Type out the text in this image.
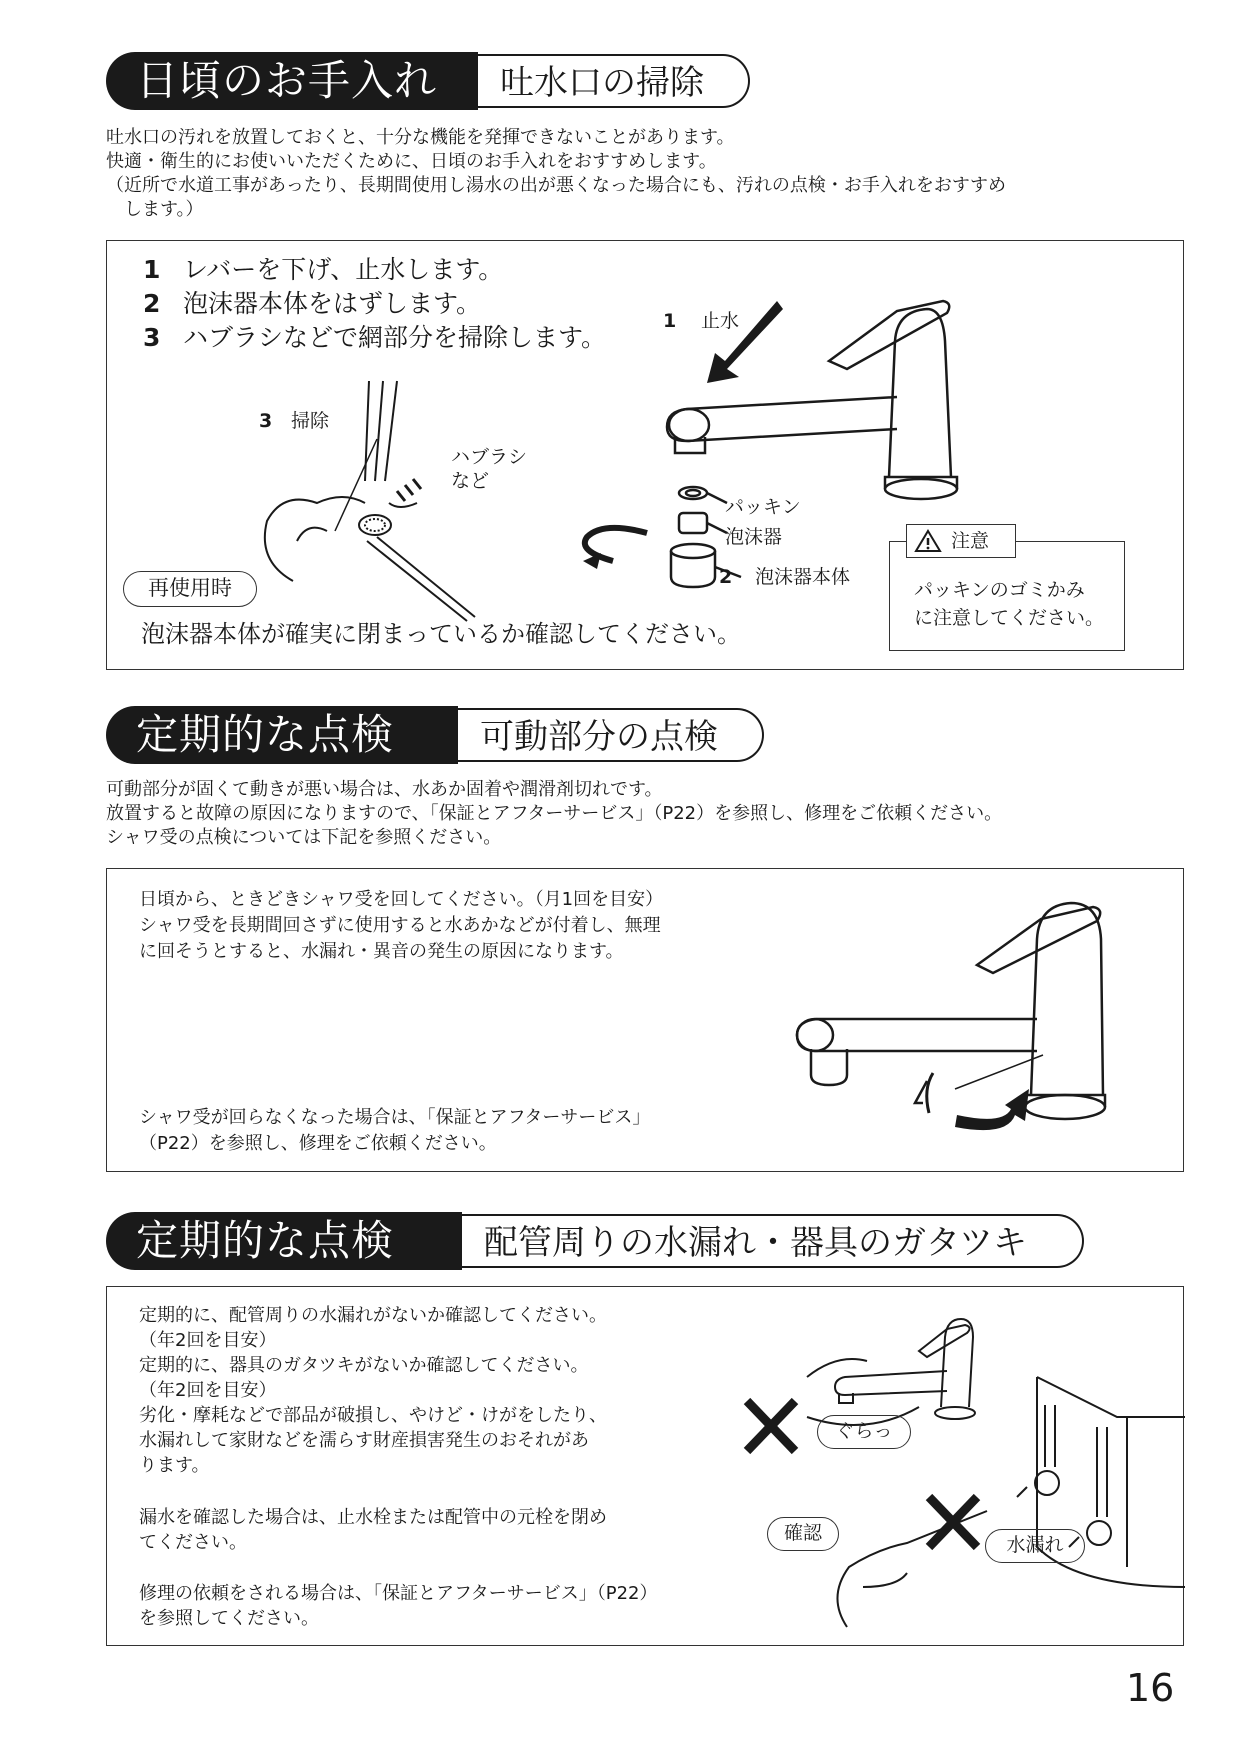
日頃のお手入れ	吐水口の掃除

吐水口の汚れを放置しておくと、十分な機能を発揮できないことがあります。

快適・衛生的にお使いいただくために、日頃のお手入れをおすすめします。

（近所で水道工事があったり、長期間使用し湯水の出が悪くなった場合にも、汚れの点検・お手入れをおすすめ

　します。）

1 レバーを下げ、止水します。
2 泡沫器本体をはずします。
3 ハブラシなどで網部分を掃除します。
1 止水
3 掃除
ハブラシ
など
パッキン
泡沫器
2 泡沫器本体
再使用時
泡沫器本体が確実に閉まっているか確認してください。
注意
パッキンのゴミかみ
に注意してください。
定期的な点検	可動部分の点検

可動部分が固くて動きが悪い場合は、水あか固着や潤滑剤切れです。

放置すると故障の原因になりますので、「保証とアフターサービス」（P22）を参照し、修理をご依頼ください。

シャワ受の点検については下記を参照ください。

日頃から、ときどきシャワ受を回してください。（月1回を目安）
シャワ受を長期間回さずに使用すると水あかなどが付着し、無理
に回そうとすると、水漏れ・異音の発生の原因になります。
シャワ受が回らなくなった場合は、「保証とアフターサービス」
（P22）を参照し、修理をご依頼ください。
定期的な点検	配管周りの水漏れ・器具のガタツキ
定期的に、配管周りの水漏れがないか確認してください。
（年2回を目安）
定期的に、器具のガタツキがないか確認してください。
（年2回を目安）
劣化・摩耗などで部品が破損し、やけど・けがをしたり、
水漏れして家財などを濡らす財産損害発生のおそれがあ
ります。
漏水を確認した場合は、止水栓または配管中の元栓を閉め
てください。
修理の依頼をされる場合は、「保証とアフターサービス」（P22）
を参照してください。
ぐらっ
確認
水漏れ
16
